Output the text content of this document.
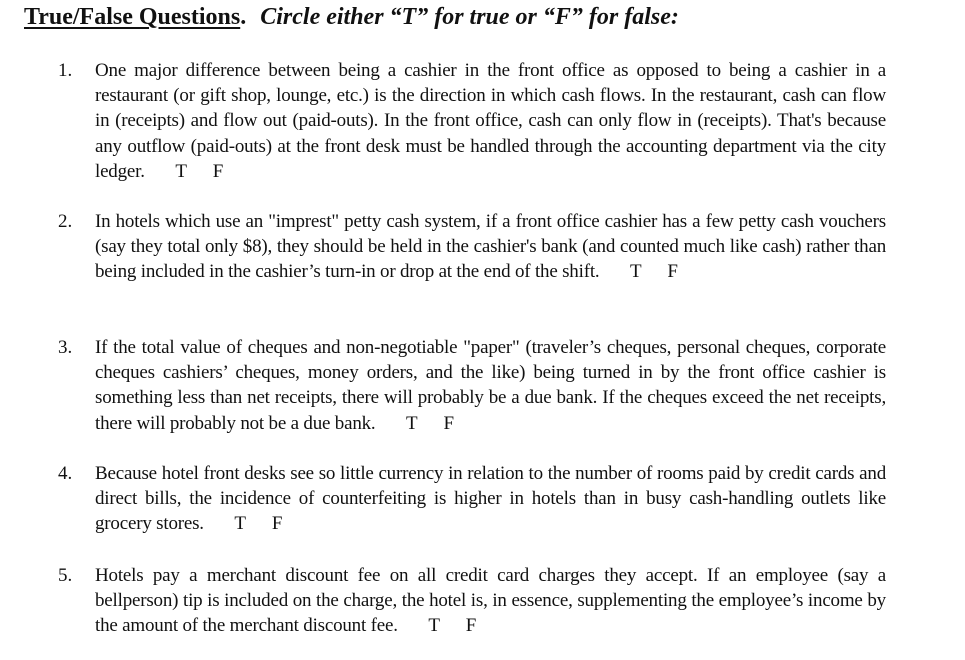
True/False Questions. Circle either “T” for true or “F” for false:
1. One major difference between being a cashier in the front office as opposed to being a cashier in a restaurant (or gift shop, lounge, etc.) is the direction in which cash flows. In the restaurant, cash can flow in (receipts) and flow out (paid-outs). In the front office, cash can only flow in (receipts). That's because any outflow (paid-outs) at the front desk must be handled through the accounting department via the city ledger. T F
2. In hotels which use an "imprest" petty cash system, if a front office cashier has a few petty cash vouchers (say they total only $8), they should be held in the cashier's bank (and counted much like cash) rather than being included in the cashier’s turn-in or drop at the end of the shift. T F
3. If the total value of cheques and non-negotiable "paper" (traveler’s cheques, personal cheques, corporate cheques cashiers’ cheques, money orders, and the like) being turned in by the front office cashier is something less than net receipts, there will probably be a due bank. If the cheques exceed the net receipts, there will probably not be a due bank. T F
4. Because hotel front desks see so little currency in relation to the number of rooms paid by credit cards and direct bills, the incidence of counterfeiting is higher in hotels than in busy cash-handling outlets like grocery stores. T F
5. Hotels pay a merchant discount fee on all credit card charges they accept. If an employee (say a bellperson) tip is included on the charge, the hotel is, in essence, supplementing the employee’s income by the amount of the merchant discount fee. T F
